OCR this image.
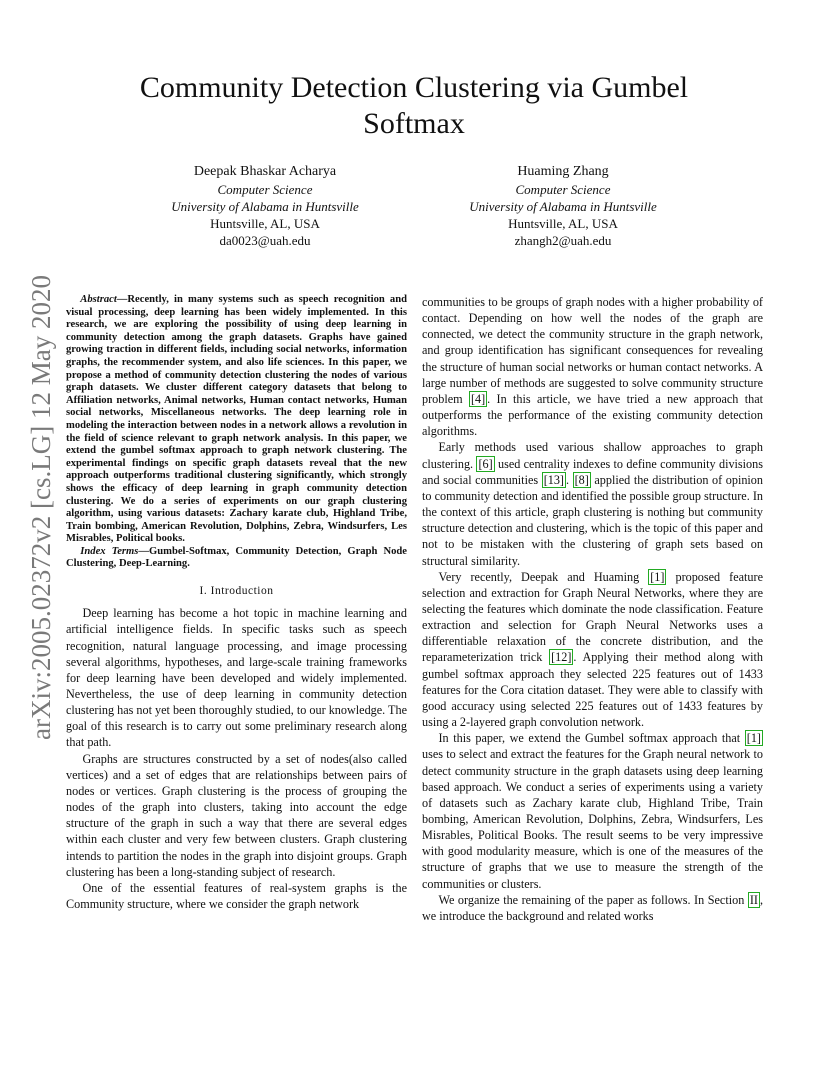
arXiv:2005.02372v2 [cs.LG] 12 May 2020
Community Detection Clustering via Gumbel
Softmax
Deepak Bhaskar Acharya
Computer Science
University of Alabama in Huntsville
Huntsville, AL, USA
da0023@uah.edu
Huaming Zhang
Computer Science
University of Alabama in Huntsville
Huntsville, AL, USA
zhangh2@uah.edu

Abstract—Recently, in many systems such as speech recognition and visual processing, deep learning has been widely implemented. In this research, we are exploring the possibility of using deep learning in community detection among the graph datasets. Graphs have gained growing traction in different fields, including social networks, information graphs, the recommender system, and also life sciences. In this paper, we propose a method of community detection clustering the nodes of various graph datasets. We cluster different category datasets that belong to Affiliation networks, Animal networks, Human contact networks, Human social networks, Miscellaneous networks. The deep learning role in modeling the interaction between nodes in a network allows a revolution in the field of science relevant to graph network analysis. In this paper, we extend the gumbel softmax approach to graph network clustering. The experimental findings on specific graph datasets reveal that the new approach outperforms traditional clustering significantly, which strongly shows the efficacy of deep learning in graph community detection clustering. We do a series of experiments on our graph clustering algorithm, using various datasets: Zachary karate club, Highland Tribe, Train bombing, American Revolution, Dolphins, Zebra, Windsurfers, Les Misrables, Political books.

Index Terms—Gumbel-Softmax, Community Detection, Graph Node Clustering, Deep-Learning.

I. Introduction

Deep learning has become a hot topic in machine learning and artificial intelligence fields. In specific tasks such as speech recognition, natural language processing, and image processing several algorithms, hypotheses, and large-scale training frameworks for deep learning have been developed and widely implemented. Nevertheless, the use of deep learning in community detection clustering has not yet been thoroughly studied, to our knowledge. The goal of this research is to carry out some preliminary research along that path.

Graphs are structures constructed by a set of nodes(also called vertices) and a set of edges that are relationships between pairs of nodes or vertices. Graph clustering is the process of grouping the nodes of the graph into clusters, taking into account the edge structure of the graph in such a way that there are several edges within each cluster and very few between clusters. Graph clustering intends to partition the nodes in the graph into disjoint groups. Graph clustering has been a long-standing subject of research.

One of the essential features of real-system graphs is the Community structure, where we consider the graph network

communities to be groups of graph nodes with a higher probability of contact. Depending on how well the nodes of the graph are connected, we detect the community structure in the graph network, and group identification has significant consequences for revealing the structure of human social networks or human contact networks. A large number of methods are suggested to solve community structure problem [4] . In this article, we have tried a new approach that outperforms the performance of the existing community detection algorithms.

Early methods used various shallow approaches to graph clustering. [6] used centrality indexes to define community divisions and social communities [13] . [8] applied the distribution of opinion to community detection and identified the possible group structure. In the context of this article, graph clustering is nothing but community structure detection and clustering, which is the topic of this paper and not to be mistaken with the clustering of graph sets based on structural similarity.

Very recently, Deepak and Huaming [1] proposed feature selection and extraction for Graph Neural Networks, where they are selecting the features which dominate the node classification. Feature extraction and selection for Graph Neural Networks uses a differentiable relaxation of the concrete distribution, and the reparameterization trick [12] . Applying their method along with gumbel softmax approach they selected 225 features out of 1433 features for the Cora citation dataset. They were able to classify with good accuracy using selected 225 features out of 1433 features by using a 2-layered graph convolution network.

In this paper, we extend the Gumbel softmax approach that [1] uses to select and extract the features for the Graph neural network to detect community structure in the graph datasets using deep learning based approach. We conduct a series of experiments using a variety of datasets such as Zachary karate club, Highland Tribe, Train bombing, American Revolution, Dolphins, Zebra, Windsurfers, Les Misrables, Political Books. The result seems to be very impressive with good modularity measure, which is one of the measures of the structure of graphs that we use to measure the strength of the communities or clusters.

We organize the remaining of the paper as follows. In Section II , we introduce the background and related works
